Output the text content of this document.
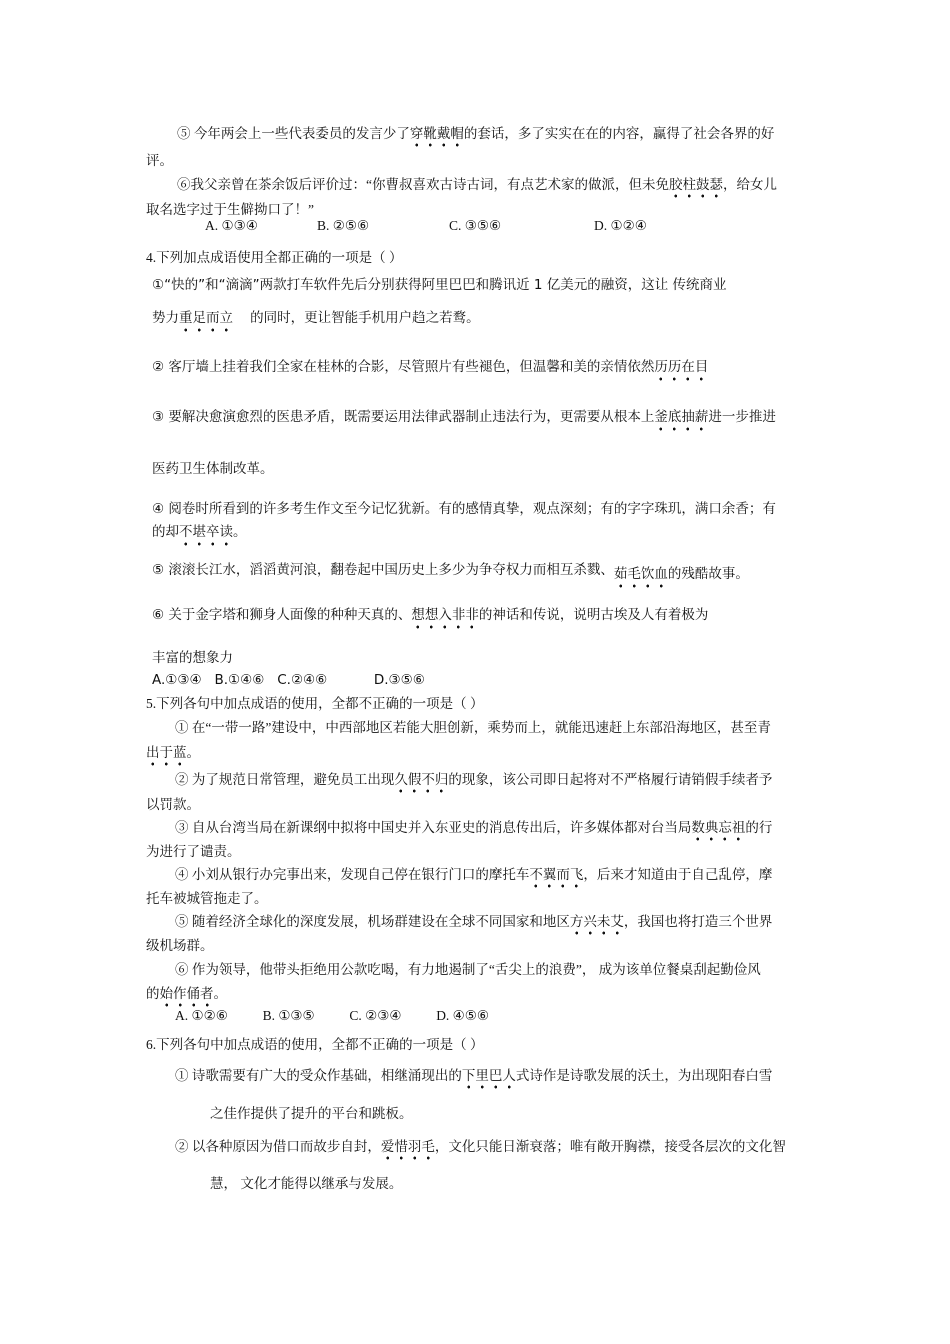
⑤ 今年两会上一些代表委员的发言少了穿靴戴帽的套话，多了实实在在的内容，赢得了社会各界的好
评。
⑥我父亲曾在茶余饭后评价过：“你曹叔喜欢古诗古词，有点艺术家的做派，但未免胶柱鼓瑟，给女儿
取名选字过于生僻拗口了！”
A. ①③④	B. ②⑤⑥	C. ③⑤⑥	D. ①②④
4.下列加点成语使用全都正确的一项是（ ）
①“快的”和“滴滴”两款打车软件先后分别获得阿里巴巴和腾讯近 1 亿美元的融资，这让 传统商业
势力重足而立 的同时，更让智能手机用户趋之若鹜。
② 客厅墙上挂着我们全家在桂林的合影，尽管照片有些褪色，但温馨和美的亲情依然历历在目
③ 要解决愈演愈烈的医患矛盾，既需要运用法律武器制止违法行为，更需要从根本上釜底抽薪进一步推进
医药卫生体制改革。
④ 阅卷时所看到的许多考生作文至今记忆犹新。有的感情真挚，观点深刻；有的字字珠玑，满口余香；有
的却不堪卒读。
⑤ 滚滚长江水，滔滔黄河浪，翻卷起中国历史上多少为争夺权力而相互杀戮、茹毛饮血的残酷故事。
⑥ 关于金字塔和狮身人面像的种种天真的、想想入非非的神话和传说，说明古埃及人有着极为
丰富的想象力
A.①③④ B.①④⑥ C.②④⑥	D.③⑤⑥
5.下列各句中加点成语的使用，全都不正确的一项是（ ）
① 在“一带一路”建设中，中西部地区若能大胆创新，乘势而上，就能迅速赶上东部沿海地区，甚至青
出于蓝。
② 为了规范日常管理，避免员工出现久假不归的现象，该公司即日起将对不严格履行请销假手续者予
以罚款。
③ 自从台湾当局在新课纲中拟将中国史并入东亚史的消息传出后，许多媒体都对台当局数典忘祖的行
为进行了谴责。
④ 小刘从银行办完事出来，发现自己停在银行门口的摩托车不翼而飞，后来才知道由于自己乱停，摩
托车被城管拖走了。
⑤ 随着经济全球化的深度发展，机场群建设在全球不同国家和地区方兴未艾，我国也将打造三个世界
级机场群。
⑥ 作为领导，他带头拒绝用公款吃喝，有力地遏制了“舌尖上的浪费”， 成为该单位餐桌刮起勤俭风
的始作俑者。
A. ①②⑥	B. ①③⑤	C. ②③④	D. ④⑤⑥
6.下列各句中加点成语的使用，全都不正确的一项是（ ）
① 诗歌需要有广大的受众作基础，相继涌现出的下里巴人式诗作是诗歌发展的沃土，为出现阳春白雪
之佳作提供了提升的平台和跳板。
② 以各种原因为借口而故步自封，爱惜羽毛，文化只能日渐衰落；唯有敞开胸襟，接受各层次的文化智
慧， 文化才能得以继承与发展。
